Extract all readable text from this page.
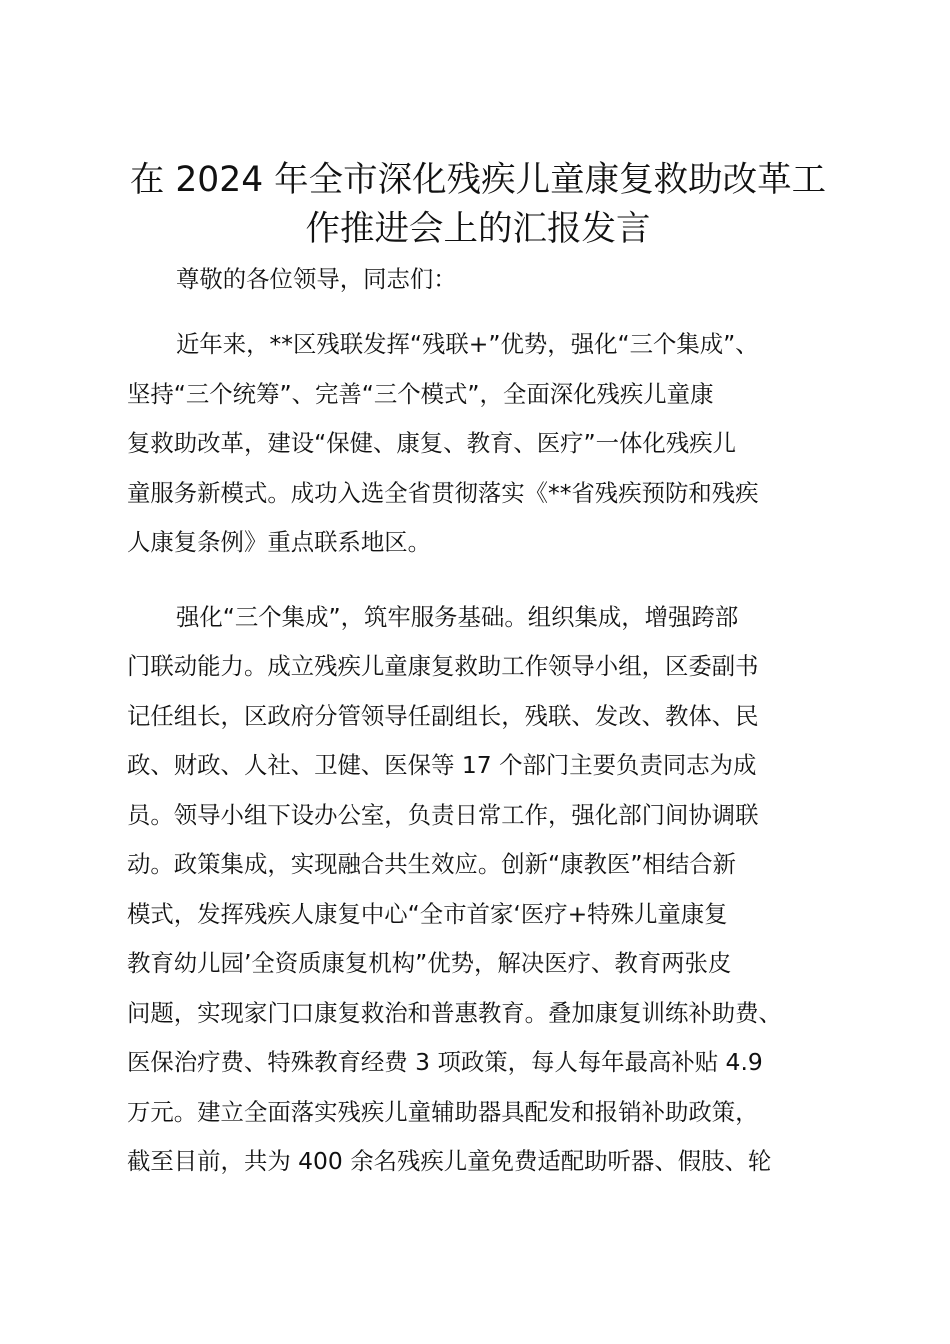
在 2024 年全市深化残疾儿童康复救助改革工
作推进会上的汇报发言

尊敬的各位领导，同志们：

近年来，**区残联发挥“残联+”优势，强化“三个集成”、
坚持“三个统筹”、完善“三个模式”，全面深化残疾儿童康
复救助改革，建设“保健、康复、教育、医疗”一体化残疾儿
童服务新模式。成功入选全省贯彻落实《**省残疾预防和残疾
人康复条例》重点联系地区。
强化“三个集成”，筑牢服务基础。组织集成，增强跨部
门联动能力。成立残疾儿童康复救助工作领导小组，区委副书
记任组长，区政府分管领导任副组长，残联、发改、教体、民
政、财政、人社、卫健、医保等 17 个部门主要负责同志为成
员。领导小组下设办公室，负责日常工作，强化部门间协调联
动。政策集成，实现融合共生效应。创新“康教医”相结合新
模式，发挥残疾人康复中心“全市首家‘医疗+特殊儿童康复
教育幼儿园’全资质康复机构”优势，解决医疗、教育两张皮
问题，实现家门口康复救治和普惠教育。叠加康复训练补助费、
医保治疗费、特殊教育经费 3 项政策，每人每年最高补贴 4.9
万元。建立全面落实残疾儿童辅助器具配发和报销补助政策，
截至目前，共为 400 余名残疾儿童免费适配助听器、假肢、轮
